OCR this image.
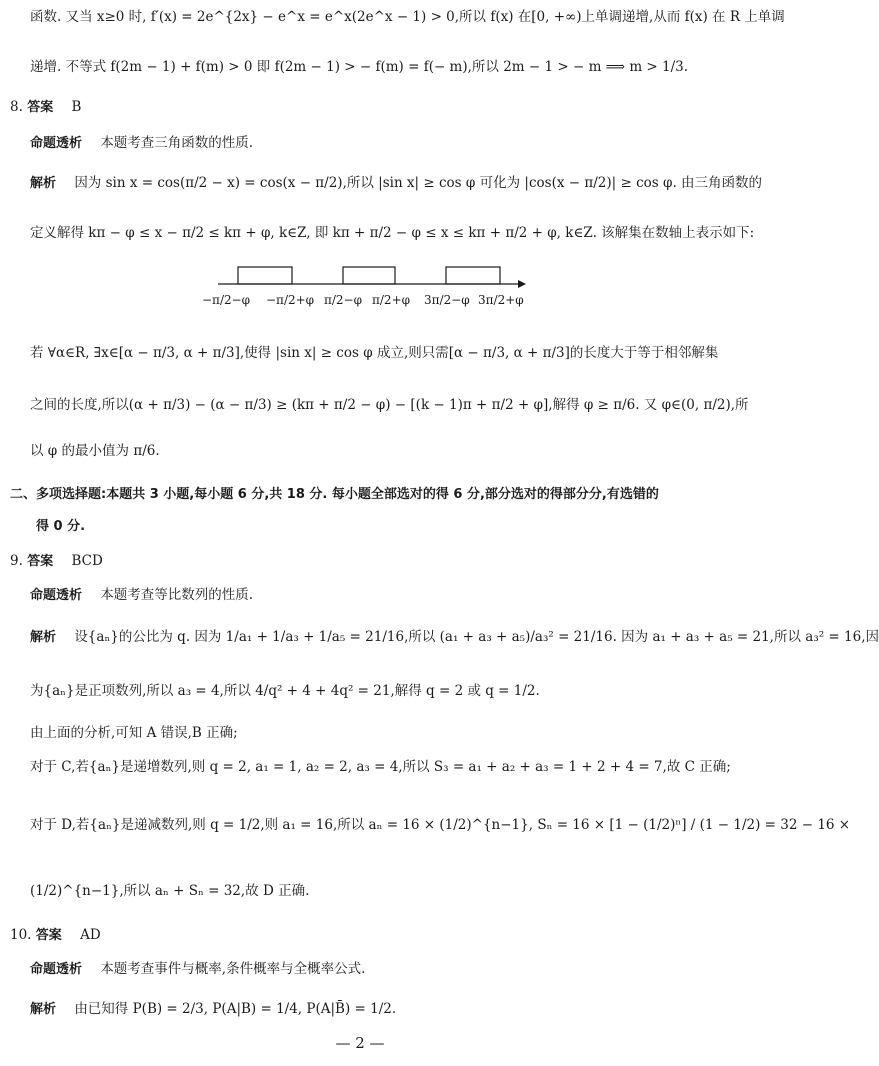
函数. 又当 x≥0 时, f′(x) = 2e^{2x} − e^x = e^x(2e^x − 1) > 0,所以 f(x) 在[0, +∞)上单调递增,从而 f(x) 在 R 上单调
递增. 不等式 f(2m − 1) + f(m) > 0 即 f(2m − 1) > − f(m) = f(− m),所以 2m − 1 > − m ⟹ m > 1/3.
8. 答案 B
命题透析 本题考查三角函数的性质.
解析 因为 sin x = cos(π/2 − x) = cos(x − π/2),所以 |sin x| ≥ cos φ 可化为 |cos(x − π/2)| ≥ cos φ. 由三角函数的
定义解得 kπ − φ ≤ x − π/2 ≤ kπ + φ, k∈Z, 即 kπ + π/2 − φ ≤ x ≤ kπ + π/2 + φ, k∈Z. 该解集在数轴上表示如下:
−π/2−φ −π/2+φ π/2−φ π/2+φ 3π/2−φ 3π/2+φ
若 ∀α∈R, ∃x∈[α − π/3, α + π/3],使得 |sin x| ≥ cos φ 成立,则只需[α − π/3, α + π/3]的长度大于等于相邻解集
之间的长度,所以(α + π/3) − (α − π/3) ≥ (kπ + π/2 − φ) − [(k − 1)π + π/2 + φ],解得 φ ≥ π/6. 又 φ∈(0, π/2),所
以 φ 的最小值为 π/6.
二、多项选择题:本题共 3 小题,每小题 6 分,共 18 分. 每小题全部选对的得 6 分,部分选对的得部分分,有选错的
得 0 分.
9. 答案 BCD
命题透析 本题考查等比数列的性质.
解析 设{aₙ}的公比为 q. 因为 1/a₁ + 1/a₃ + 1/a₅ = 21/16,所以 (a₁ + a₃ + a₅)/a₃² = 21/16. 因为 a₁ + a₃ + a₅ = 21,所以 a₃² = 16,因
为{aₙ}是正项数列,所以 a₃ = 4,所以 4/q² + 4 + 4q² = 21,解得 q = 2 或 q = 1/2.
由上面的分析,可知 A 错误,B 正确;
对于 C,若{aₙ}是递增数列,则 q = 2, a₁ = 1, a₂ = 2, a₃ = 4,所以 S₃ = a₁ + a₂ + a₃ = 1 + 2 + 4 = 7,故 C 正确;
对于 D,若{aₙ}是递减数列,则 q = 1/2,则 a₁ = 16,所以 aₙ = 16 × (1/2)^{n−1}, Sₙ = 16 × [1 − (1/2)ⁿ] / (1 − 1/2) = 32 − 16 ×
(1/2)^{n−1},所以 aₙ + Sₙ = 32,故 D 正确.
10. 答案 AD
命题透析 本题考查事件与概率,条件概率与全概率公式.
解析 由已知得 P(B) = 2/3, P(A|B) = 1/4, P(A|B̄) = 1/2.
— 2 —
